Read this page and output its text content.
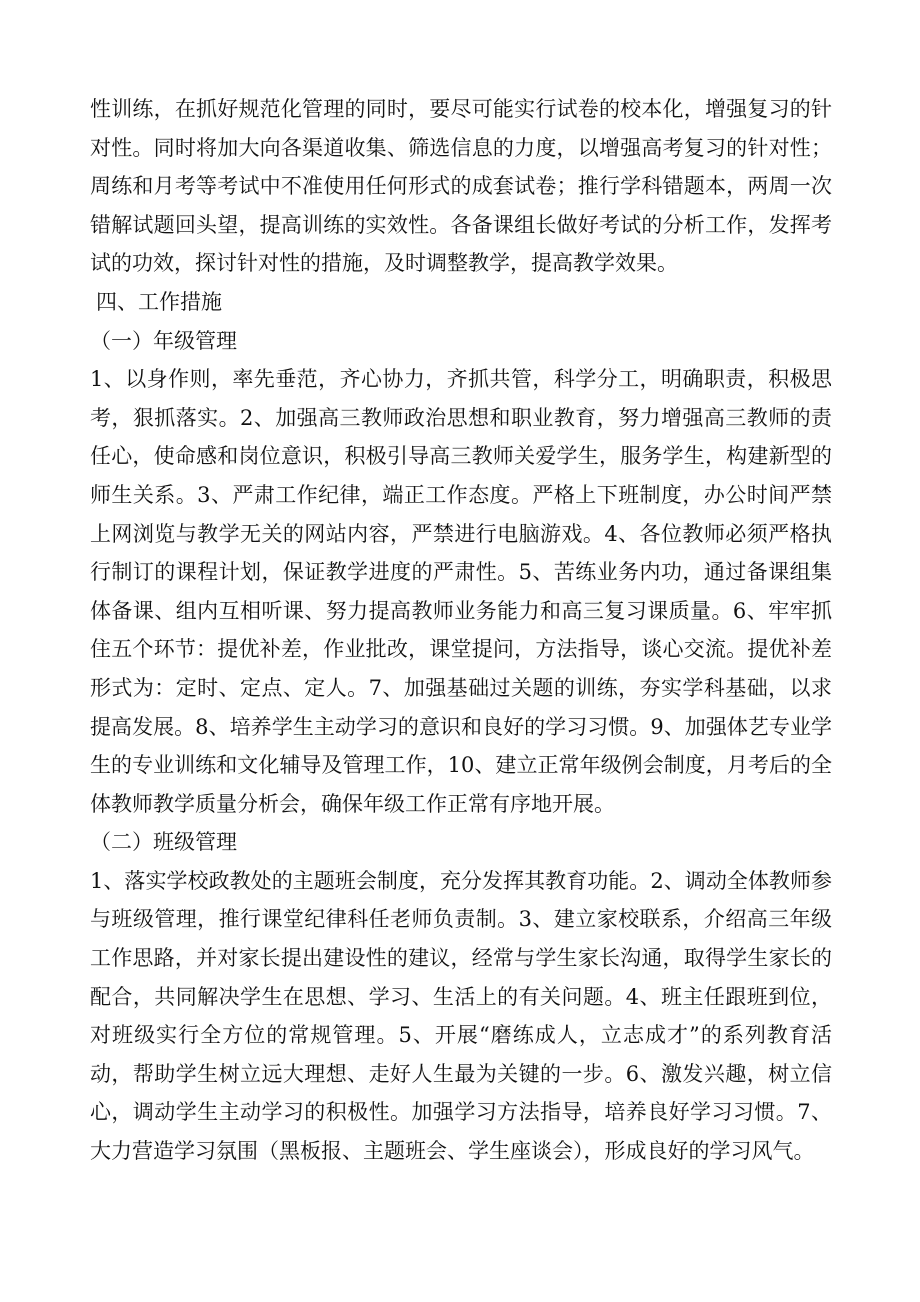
性训练，在抓好规范化管理的同时，要尽可能实行试卷的校本化，增强复习的针对性。同时将加大向各渠道收集、筛选信息的力度，以增强高考复习的针对性；周练和月考等考试中不准使用任何形式的成套试卷；推行学科错题本，两周一次错解试题回头望，提高训练的实效性。各备课组长做好考试的分析工作，发挥考试的功效，探讨针对性的措施，及时调整教学，提高教学效果。

四、工作措施

（一）年级管理

1、以身作则，率先垂范，齐心协力，齐抓共管，科学分工，明确职责，积极思考，狠抓落实。2、加强高三教师政治思想和职业教育，努力增强高三教师的责任心，使命感和岗位意识，积极引导高三教师关爱学生，服务学生，构建新型的师生关系。3、严肃工作纪律，端正工作态度。严格上下班制度，办公时间严禁上网浏览与教学无关的网站内容，严禁进行电脑游戏。4、各位教师必须严格执行制订的课程计划，保证教学进度的严肃性。5、苦练业务内功，通过备课组集体备课、组内互相听课、努力提高教师业务能力和高三复习课质量。6、牢牢抓住五个环节：提优补差，作业批改，课堂提问，方法指导，谈心交流。提优补差形式为：定时、定点、定人。7、加强基础过关题的训练，夯实学科基础，以求提高发展。8、培养学生主动学习的意识和良好的学习习惯。9、加强体艺专业学生的专业训练和文化辅导及管理工作，10、建立正常年级例会制度，月考后的全体教师教学质量分析会，确保年级工作正常有序地开展。

（二）班级管理

1、落实学校政教处的主题班会制度，充分发挥其教育功能。2、调动全体教师参与班级管理，推行课堂纪律科任老师负责制。3、建立家校联系，介绍高三年级工作思路，并对家长提出建设性的建议，经常与学生家长沟通，取得学生家长的配合，共同解决学生在思想、学习、生活上的有关问题。4、班主任跟班到位，对班级实行全方位的常规管理。5、开展“磨练成人，立志成才”的系列教育活动，帮助学生树立远大理想、走好人生最为关键的一步。6、激发兴趣，树立信心，调动学生主动学习的积极性。加强学习方法指导，培养良好学习习惯。7、大力营造学习氛围（黑板报、主题班会、学生座谈会），形成良好的学习风气。
